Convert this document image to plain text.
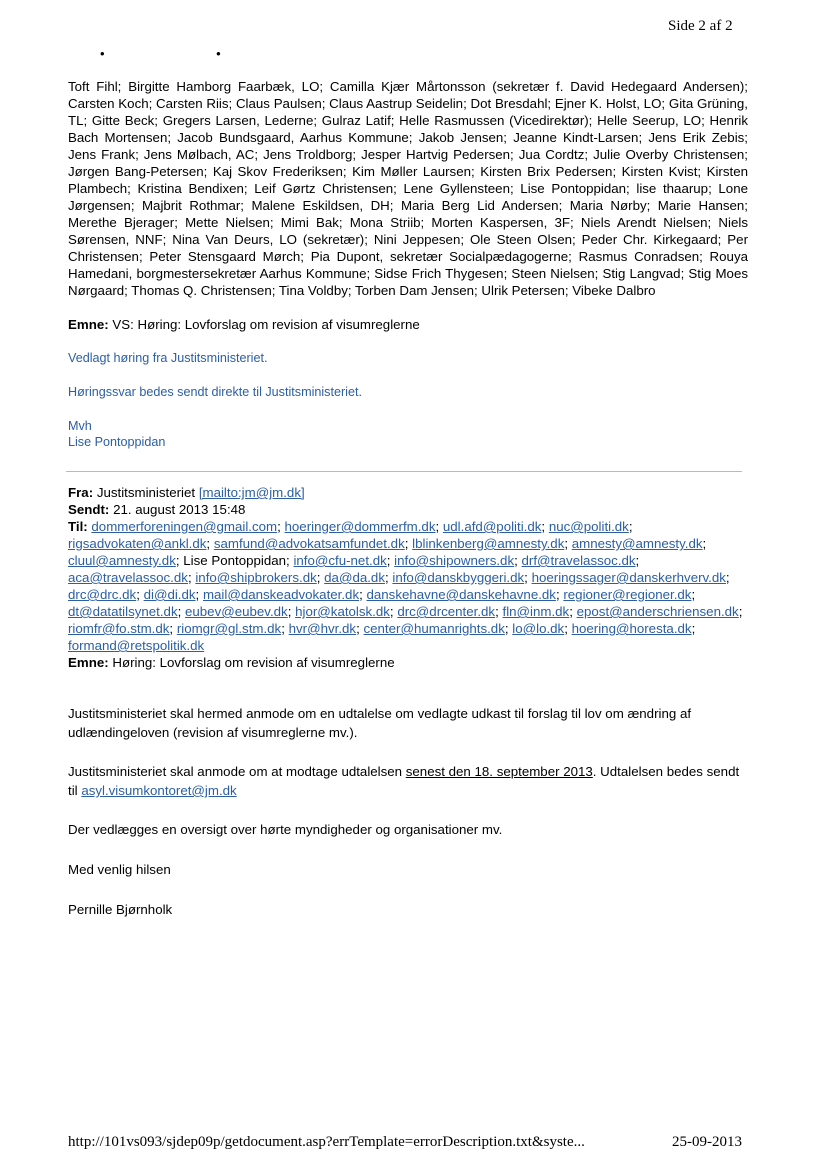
Side 2 af 2
• •
Toft Fihl; Birgitte Hamborg Faarbæk, LO; Camilla Kjær Mårtonsson (sekretær f. David Hedegaard Andersen); Carsten Koch; Carsten Riis; Claus Paulsen; Claus Aastrup Seidelin; Dot Bresdahl; Ejner K. Holst, LO; Gita Grüning, TL; Gitte Beck; Gregers Larsen, Lederne; Gulraz Latif; Helle Rasmussen (Vicedirektør); Helle Seerup, LO; Henrik Bach Mortensen; Jacob Bundsgaard, Aarhus Kommune; Jakob Jensen; Jeanne Kindt-Larsen; Jens Erik Zebis; Jens Frank; Jens Mølbach, AC; Jens Troldborg; Jesper Hartvig Pedersen; Jua Cordtz; Julie Overby Christensen; Jørgen Bang-Petersen; Kaj Skov Frederiksen; Kim Møller Laursen; Kirsten Brix Pedersen; Kirsten Kvist; Kirsten Plambech; Kristina Bendixen; Leif Gørtz Christensen; Lene Gyllensteen; Lise Pontoppidan; lise thaarup; Lone Jørgensen; Majbrit Rothmar; Malene Eskildsen, DH; Maria Berg Lid Andersen; Maria Nørby; Marie Hansen; Merethe Bjerager; Mette Nielsen; Mimi Bak; Mona Striib; Morten Kaspersen, 3F; Niels Arendt Nielsen; Niels Sørensen, NNF; Nina Van Deurs, LO (sekretær); Nini Jeppesen; Ole Steen Olsen; Peder Chr. Kirkegaard; Per Christensen; Peter Stensgaard Mørch; Pia Dupont, sekretær Socialpædagogerne; Rasmus Conradsen; Rouya Hamedani, borgmestersekretær Aarhus Kommune; Sidse Frich Thygesen; Steen Nielsen; Stig Langvad; Stig Moes Nørgaard; Thomas Q. Christensen; Tina Voldby; Torben Dam Jensen; Ulrik Petersen; Vibeke Dalbro
Emne: VS: Høring: Lovforslag om revision af visumreglerne
Vedlagt høring fra Justitsministeriet.
Høringssvar bedes sendt direkte til Justitsministeriet.
Mvh
Lise Pontoppidan
Fra: Justitsministeriet [mailto:jm@jm.dk]
Sendt: 21. august 2013 15:48
Til: dommerforeningen@gmail.com; hoeringer@dommerfm.dk; udl.afd@politi.dk; nuc@politi.dk; rigsadvokaten@ankl.dk; samfund@advokatsamfundet.dk; lblinkenberg@amnesty.dk; amnesty@amnesty.dk; cluul@amnesty.dk; Lise Pontoppidan; info@cfu-net.dk; info@shipowners.dk; drf@travelassoc.dk; aca@travelassoc.dk; info@shipbrokers.dk; da@da.dk; info@danskbyggeri.dk; hoeringssager@danskerhverv.dk; drc@drc.dk; di@di.dk; mail@danskeadvokater.dk; danskehavne@danskehavne.dk; regioner@regioner.dk; dt@datatilsynet.dk; eubev@eubev.dk; hjor@katolsk.dk; drc@drcenter.dk; fln@inm.dk; epost@anderschriensen.dk; riomfr@fo.stm.dk; riomgr@gl.stm.dk; hvr@hvr.dk; center@humanrights.dk; lo@lo.dk; hoering@horesta.dk; formand@retspolitik.dk
Emne: Høring: Lovforslag om revision af visumreglerne
Justitsministeriet skal hermed anmode om en udtalelse om vedlagte udkast til forslag til lov om ændring af udlændingeloven (revision af visumreglerne mv.).
Justitsministeriet skal anmode om at modtage udtalelsen senest den 18. september 2013. Udtalelsen bedes sendt til asyl.visumkontoret@jm.dk
Der vedlægges en oversigt over hørte myndigheder og organisationer mv.
Med venlig hilsen
Pernille Bjørnholk
http://101vs093/sjdep09p/getdocument.asp?errTemplate=errorDescription.txt&syste...	25-09-2013
